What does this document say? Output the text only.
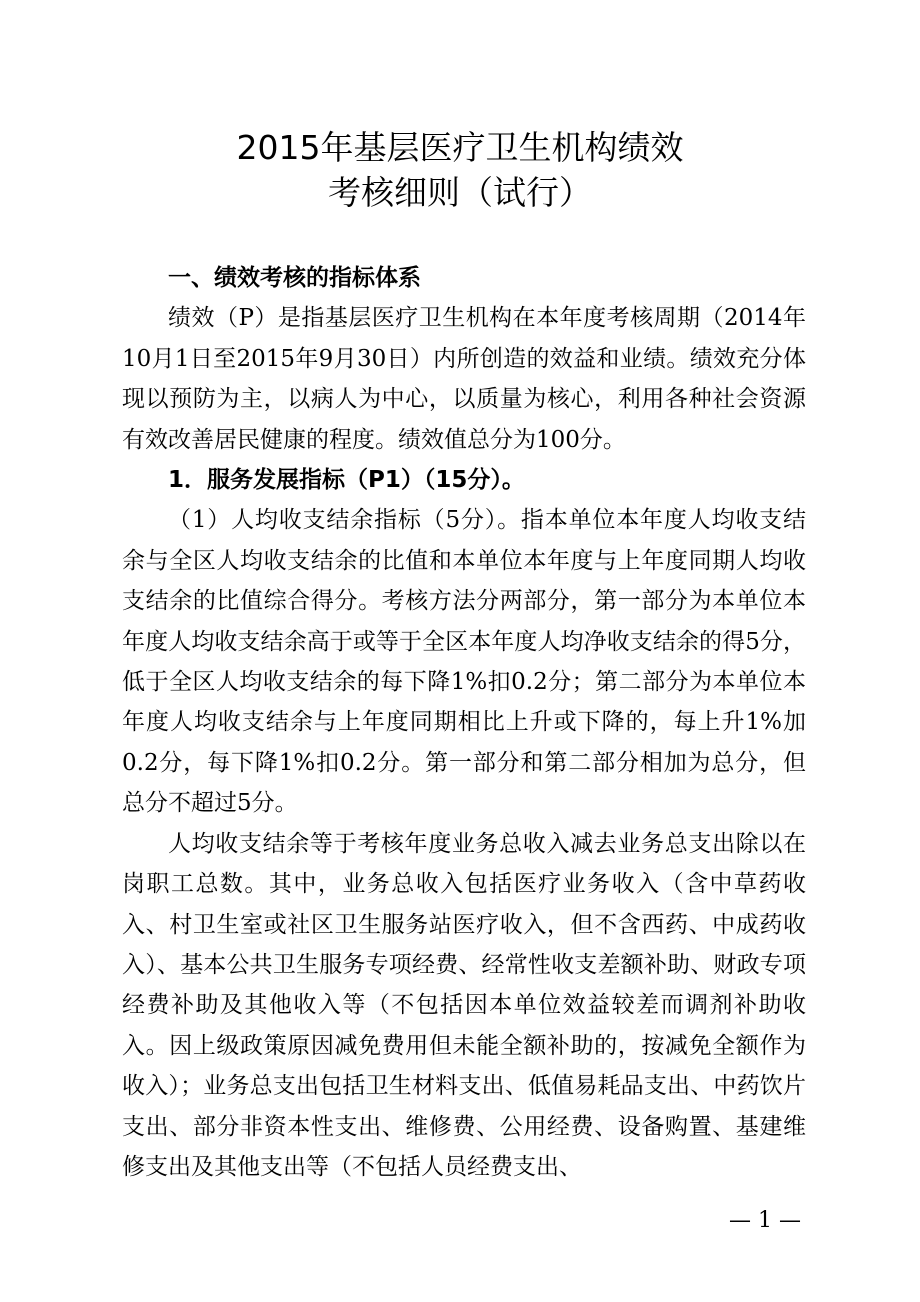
2015年基层医疗卫生机构绩效
考核细则（试行）

一、绩效考核的指标体系

绩效（P）是指基层医疗卫生机构在本年度考核周期（2014年10月1日至2015年9月30日）内所创造的效益和业绩。绩效充分体现以预防为主，以病人为中心，以质量为核心，利用各种社会资源有效改善居民健康的程度。绩效值总分为100分。

1．服务发展指标（P1）（15分）。

（1）人均收支结余指标（5分）。指本单位本年度人均收支结余与全区人均收支结余的比值和本单位本年度与上年度同期人均收支结余的比值综合得分。考核方法分两部分，第一部分为本单位本年度人均收支结余高于或等于全区本年度人均净收支结余的得5分，低于全区人均收支结余的每下降1%扣0.2分；第二部分为本单位本年度人均收支结余与上年度同期相比上升或下降的，每上升1%加0.2分，每下降1%扣0.2分。第一部分和第二部分相加为总分，但总分不超过5分。

人均收支结余等于考核年度业务总收入减去业务总支出除以在岗职工总数。其中，业务总收入包括医疗业务收入（含中草药收入、村卫生室或社区卫生服务站医疗收入，但不含西药、中成药收入）、基本公共卫生服务专项经费、经常性收支差额补助、财政专项经费补助及其他收入等（不包括因本单位效益较差而调剂补助收入。因上级政策原因减免费用但未能全额补助的，按减免全额作为收入）；业务总支出包括卫生材料支出、低值易耗品支出、中药饮片支出、部分非资本性支出、维修费、公用经费、设备购置、基建维修支出及其他支出等（不包括人员经费支出、

— 1 —
